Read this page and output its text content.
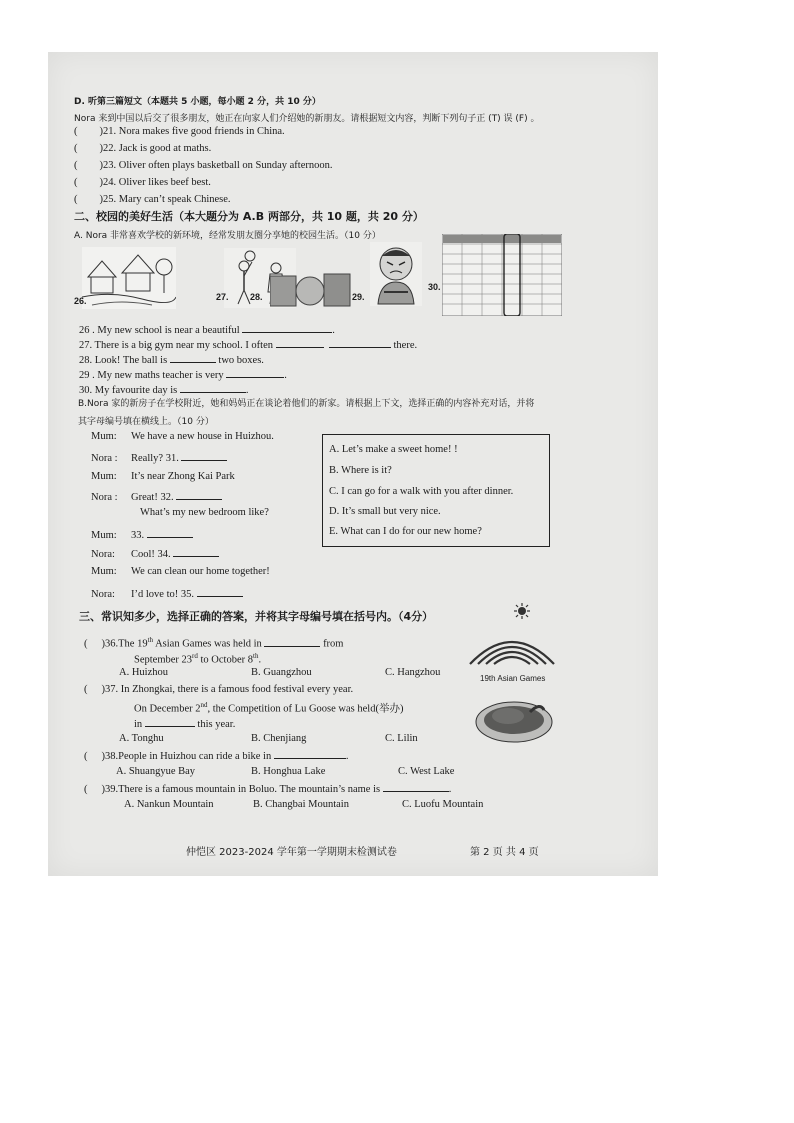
D. 听第三篇短文（本题共 5 小题，每小题 2 分，共 10 分）
Nora 来到中国以后交了很多朋友，她正在向家人们介绍她的新朋友。请根据短文内容，判断下列句子正 (T) 误 (F) 。
( )21. Nora makes five good friends in China.
( )22. Jack is good at maths.
( )23. Oliver often plays basketball on Sunday afternoon.
( )24. Oliver likes beef best.
( )25. Mary can’t speak Chinese.
二、校园的美好生活（本大题分为 A.B 两部分，共 10 题，共 20 分）
A. Nora 非常喜欢学校的新环境，经常发朋友圈分享她的校园生活。（10 分）
26.	27. 28.	29.
30.
26 . My new school is near a beautiful	.
27. There is a big gym near my school. I often	there.
28. Look! The ball is	two boxes.
29 . My new maths teacher is very	.
30. My favourite day is	.
B.Nora 家的新房子在学校附近，她和妈妈正在谈论着他们的新家。请根据上下文，选择正确的内容补充对话，并将
其字母编号填在横线上。（10 分）
Mum: We have a new house in Huizhou.
Nora : Really? 31.
Mum: It’s near Zhong Kai Park
Nora : Great! 32.
What’s my new bedroom like?
Mum: 33.
Nora: Cool! 34.
Mum: We can clean our home together!
Nora: I’d love to! 35.
A. Let’s make a sweet home! !
B. Where is it?
C. I can go for a walk with you after dinner.
D. It’s small but very nice.
E. What can I do for our new home?
三、常识知多少，选择正确的答案，并将其字母编号填在括号内。（4分）
( )36.The 19th Asian Games was held in	from
September 23rd to October 8th.
A. Huizhou	B. Guangzhou	C. Hangzhou
19th Asian Games
( )37. In Zhongkai, there is a famous food festival every year.
On December 2nd, the Competition of Lu Goose was held(举办)
in	this year.
A. Tonghu	B. Chenjiang	C. Lilin
( )38.People in Huizhou can ride a bike in	.
A. Shuangyue Bay	B. Honghua Lake	C. West Lake
( )39.There is a famous mountain in Boluo. The mountain’s name is	.
A. Nankun Mountain	B. Changbai Mountain	C. Luofu Mountain
仲恺区 2023-2024 学年第一学期期末检测试卷	第 2 页 共 4 页
